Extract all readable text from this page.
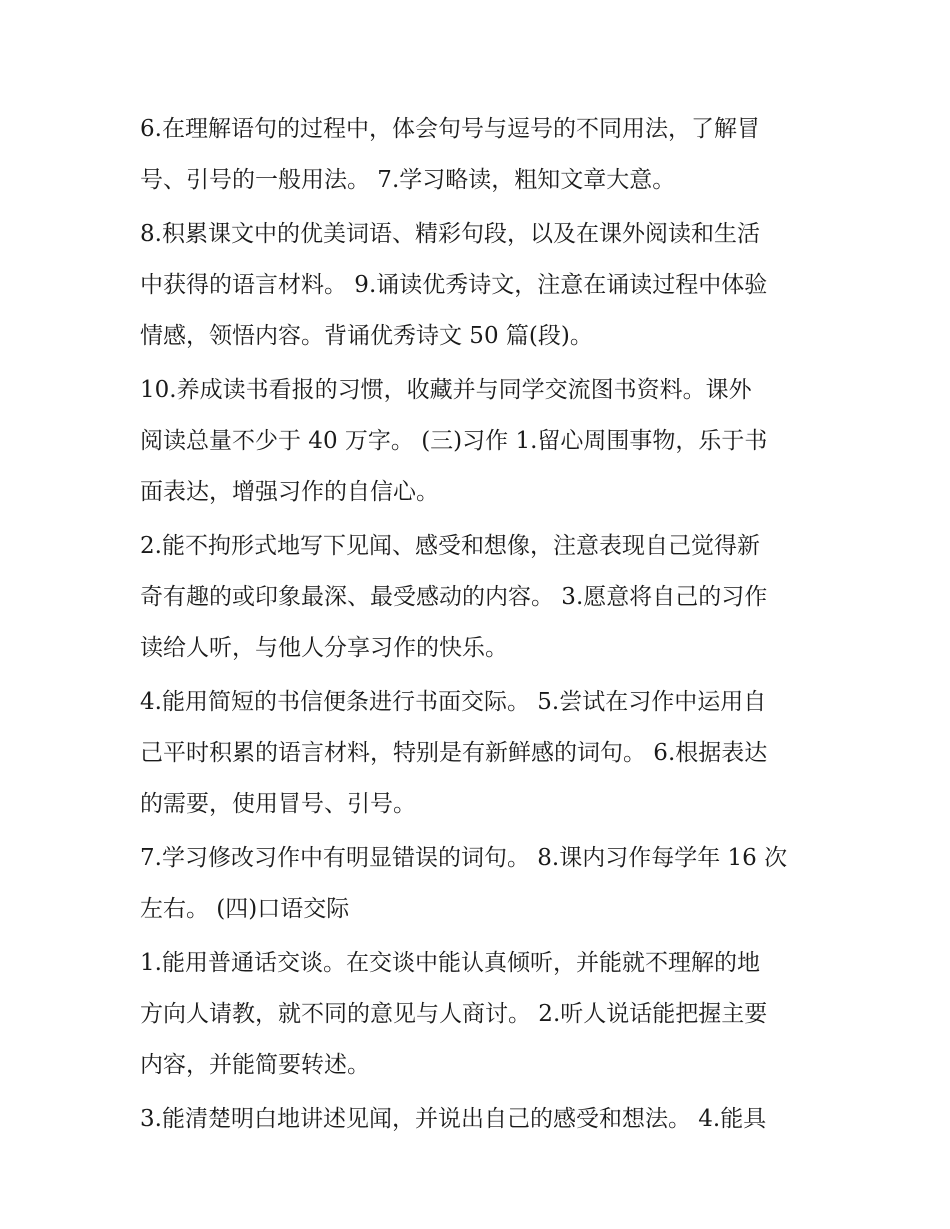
6.在理解语句的过程中，体会句号与逗号的不同用法，了解冒
号、引号的一般用法。 7.学习略读，粗知文章大意。

8.积累课文中的优美词语、精彩句段，以及在课外阅读和生活
中获得的语言材料。 9.诵读优秀诗文，注意在诵读过程中体验
情感，领悟内容。背诵优秀诗文 50 篇(段)。

10.养成读书看报的习惯，收藏并与同学交流图书资料。课外
阅读总量不少于 40 万字。 (三)习作 1.留心周围事物，乐于书
面表达，增强习作的自信心。

2.能不拘形式地写下见闻、感受和想像，注意表现自己觉得新
奇有趣的或印象最深、最受感动的内容。 3.愿意将自己的习作
读给人听，与他人分享习作的快乐。

4.能用简短的书信便条进行书面交际。 5.尝试在习作中运用自
己平时积累的语言材料，特别是有新鲜感的词句。 6.根据表达
的需要，使用冒号、引号。

7.学习修改习作中有明显错误的词句。 8.课内习作每学年 16 次
左右。 (四)口语交际

1.能用普通话交谈。在交谈中能认真倾听，并能就不理解的地
方向人请教，就不同的意见与人商讨。 2.听人说话能把握主要
内容，并能简要转述。

3.能清楚明白地讲述见闻，并说出自己的感受和想法。 4.能具
